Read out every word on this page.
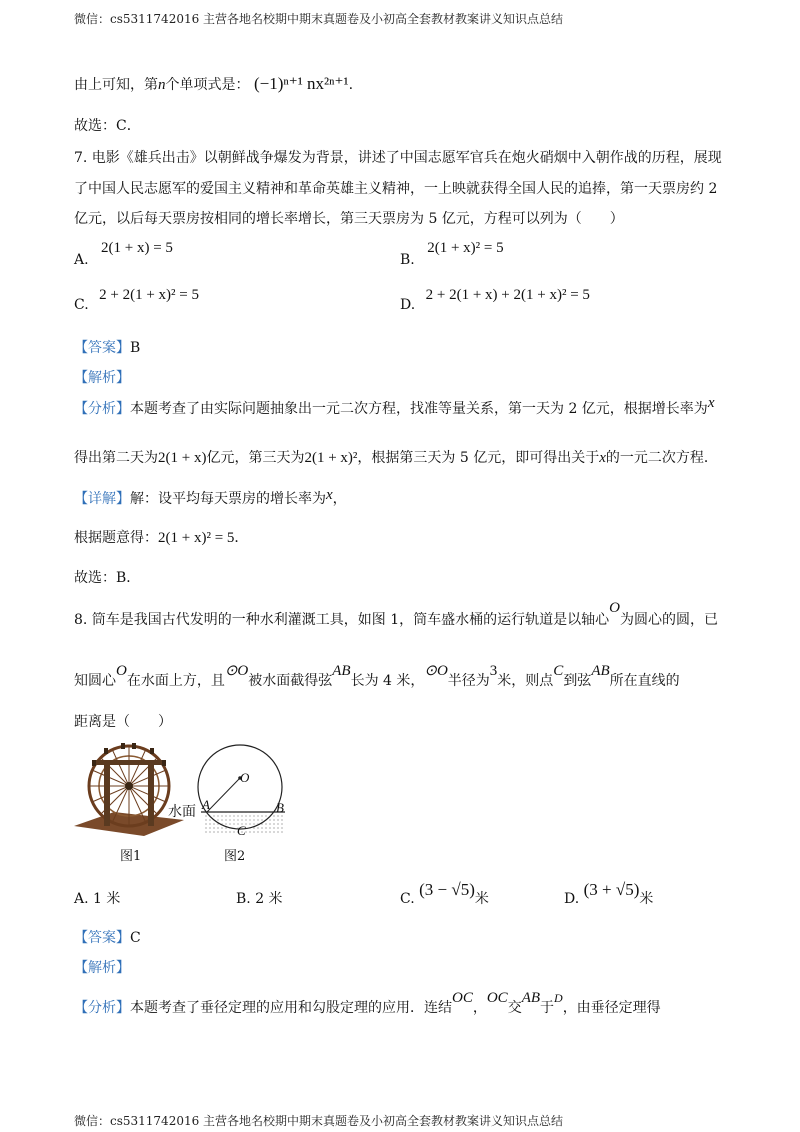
微信：cs5311742016 主营各地名校期中期末真题卷及小初高全套教材教案讲义知识点总结
由上可知，第n个单项式是： (−1)ⁿ⁺¹ nx²ⁿ⁺¹.
故选：C．
7. 电影《雄兵出击》以朝鲜战争爆发为背景，讲述了中国志愿军官兵在炮火硝烟中入朝作战的历程，展现
了中国人民志愿军的爱国主义精神和革命英雄主义精神，一上映就获得全国人民的追捧，第一天票房约 2
亿元，以后每天票房按相同的增长率增长，第三天票房为 5 亿元，方程可以列为（　　）
A. 2(1 + x) = 5
B. 2(1 + x)² = 5
C. 2 + 2(1 + x)² = 5
D. 2 + 2(1 + x) + 2(1 + x)² = 5
【答案】B
【解析】
【分析】本题考查了由实际问题抽象出一元二次方程，找准等量关系，第一天为 2 亿元，根据增长率为x
得出第二天为2(1 + x)亿元，第三天为2(1 + x)²，根据第三天为 5 亿元，即可得出关于x的一元二次方程．
【详解】解：设平均每天票房的增长率为x，
根据题意得：2(1 + x)² = 5．
故选：B．
8. 筒车是我国古代发明的一种水利灌溉工具，如图 1，筒车盛水桶的运行轨道是以轴心O为圆心的圆，已
知圆心O在水面上方，且⊙O被水面截得弦AB长为 4 米，⊙O半径为3米，则点C到弦AB所在直线的
距离是（　　）
图1
水面 A	B
O
C
图2
A. 1 米	B. 2 米	C. (3 − √5)米	D. (3 + √5)米
【答案】C
【解析】
【分析】本题考查了垂径定理的应用和勾股定理的应用．连结OC，OC交AB于D，由垂径定理得
微信：cs5311742016 主营各地名校期中期末真题卷及小初高全套教材教案讲义知识点总结
